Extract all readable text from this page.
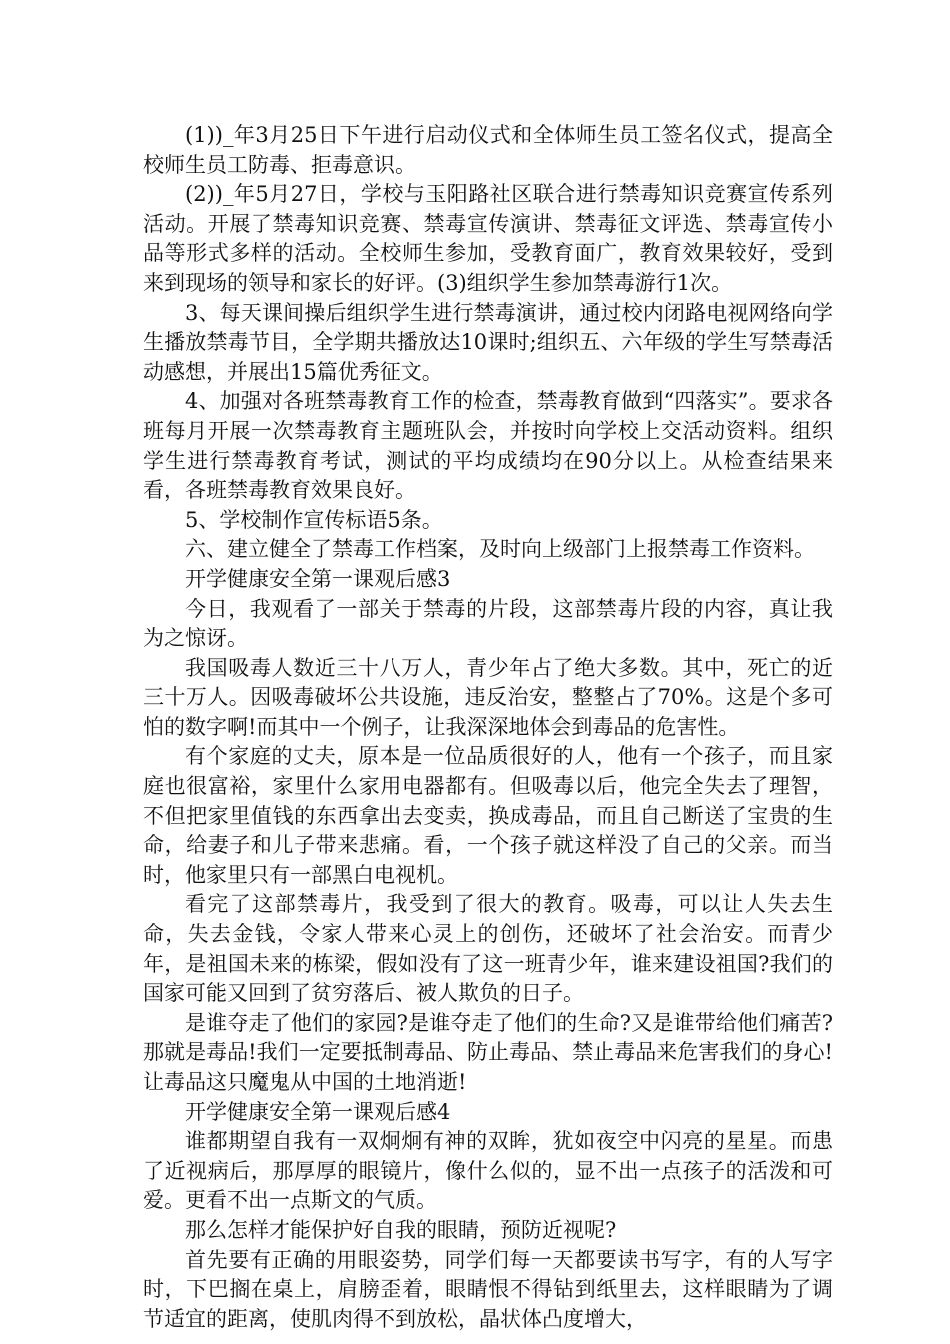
(1))_年3月25日下午进行启动仪式和全体师生员工签名仪式，提高全校师生员工防毒、拒毒意识。

(2))_年5月27日，学校与玉阳路社区联合进行禁毒知识竞赛宣传系列活动。开展了禁毒知识竞赛、禁毒宣传演讲、禁毒征文评选、禁毒宣传小品等形式多样的活动。全校师生参加，受教育面广，教育效果较好，受到来到现场的领导和家长的好评。(3)组织学生参加禁毒游行1次。

3、每天课间操后组织学生进行禁毒演讲，通过校内闭路电视网络向学生播放禁毒节目，全学期共播放达10课时;组织五、六年级的学生写禁毒活动感想，并展出15篇优秀征文。

4、加强对各班禁毒教育工作的检查，禁毒教育做到“四落实”。要求各班每月开展一次禁毒教育主题班队会，并按时向学校上交活动资料。组织学生进行禁毒教育考试，测试的平均成绩均在90分以上。从检查结果来看，各班禁毒教育效果良好。

5、学校制作宣传标语5条。

六、建立健全了禁毒工作档案，及时向上级部门上报禁毒工作资料。

开学健康安全第一课观后感3

今日，我观看了一部关于禁毒的片段，这部禁毒片段的内容，真让我为之惊讶。

我国吸毒人数近三十八万人，青少年占了绝大多数。其中，死亡的近三十万人。因吸毒破坏公共设施，违反治安，整整占了70%。这是个多可怕的数字啊!而其中一个例子，让我深深地体会到毒品的危害性。

有个家庭的丈夫，原本是一位品质很好的人，他有一个孩子，而且家庭也很富裕，家里什么家用电器都有。但吸毒以后，他完全失去了理智，不但把家里值钱的东西拿出去变卖，换成毒品，而且自己断送了宝贵的生命，给妻子和儿子带来悲痛。看，一个孩子就这样没了自己的父亲。而当时，他家里只有一部黑白电视机。

看完了这部禁毒片，我受到了很大的教育。吸毒，可以让人失去生命，失去金钱，令家人带来心灵上的创伤，还破坏了社会治安。而青少年，是祖国未来的栋梁，假如没有了这一班青少年，谁来建设祖国?我们的国家可能又回到了贫穷落后、被人欺负的日子。

是谁夺走了他们的家园?是谁夺走了他们的生命?又是谁带给他们痛苦?那就是毒品!我们一定要抵制毒品、防止毒品、禁止毒品来危害我们的身心!让毒品这只魔鬼从中国的土地消逝!

开学健康安全第一课观后感4

谁都期望自我有一双炯炯有神的双眸，犹如夜空中闪亮的星星。而患了近视病后，那厚厚的眼镜片，像什么似的，显不出一点孩子的活泼和可爱。更看不出一点斯文的气质。

那么怎样才能保护好自我的眼睛，预防近视呢?

首先要有正确的用眼姿势，同学们每一天都要读书写字，有的人写字时，下巴搁在桌上，肩膀歪着，眼睛恨不得钻到纸里去，这样眼睛为了调节适宜的距离，使肌肉得不到放松，晶状体凸度增大，
